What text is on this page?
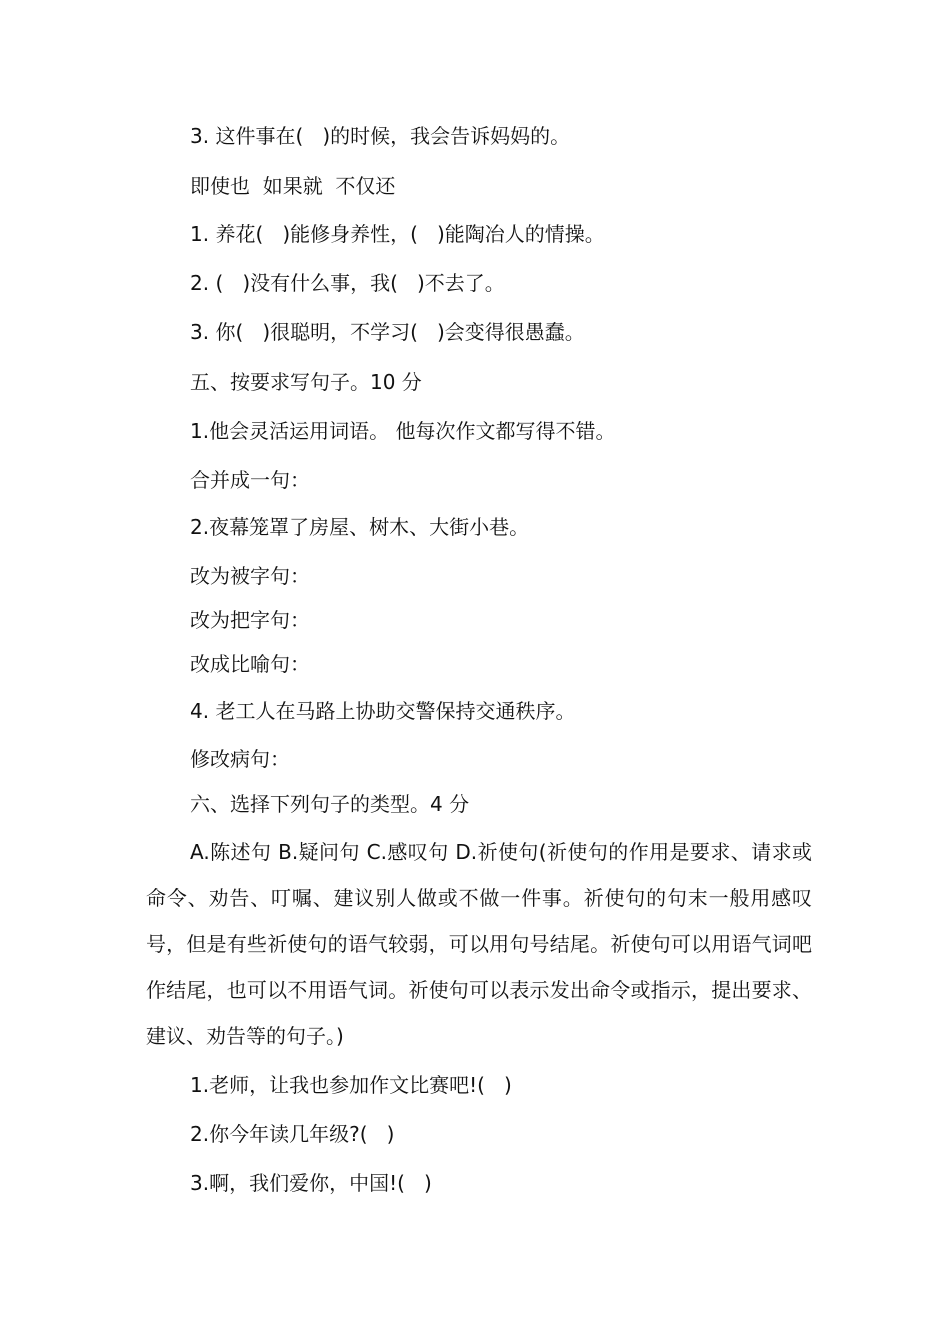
3. 这件事在(   )的时候，我会告诉妈妈的。
即使也  如果就  不仅还
1. 养花(   )能修身养性，(   )能陶冶人的情操。
2. (   )没有什么事，我(   )不去了。
3. 你(   )很聪明，不学习(   )会变得很愚蠢。
五、按要求写句子。10 分
1.他会灵活运用词语。 他每次作文都写得不错。
合并成一句：
2.夜幕笼罩了房屋、树木、大街小巷。
改为被字句：
改为把字句：
改成比喻句：
4. 老工人在马路上协助交警保持交通秩序。
修改病句：
六、选择下列句子的类型。4 分
A.陈述句 B.疑问句 C.感叹句 D.祈使句(祈使句的作用是要求、请求或命令、劝告、叮嘱、建议别人做或不做一件事。祈使句的句末一般用感叹号，但是有些祈使句的语气较弱，可以用句号结尾。祈使句可以用语气词吧作结尾，也可以不用语气词。祈使句可以表示发出命令或指示，提出要求、建议、劝告等的句子。)
1.老师，让我也参加作文比赛吧!(   )
2.你今年读几年级?(   )
3.啊，我们爱你，中国!(   )
